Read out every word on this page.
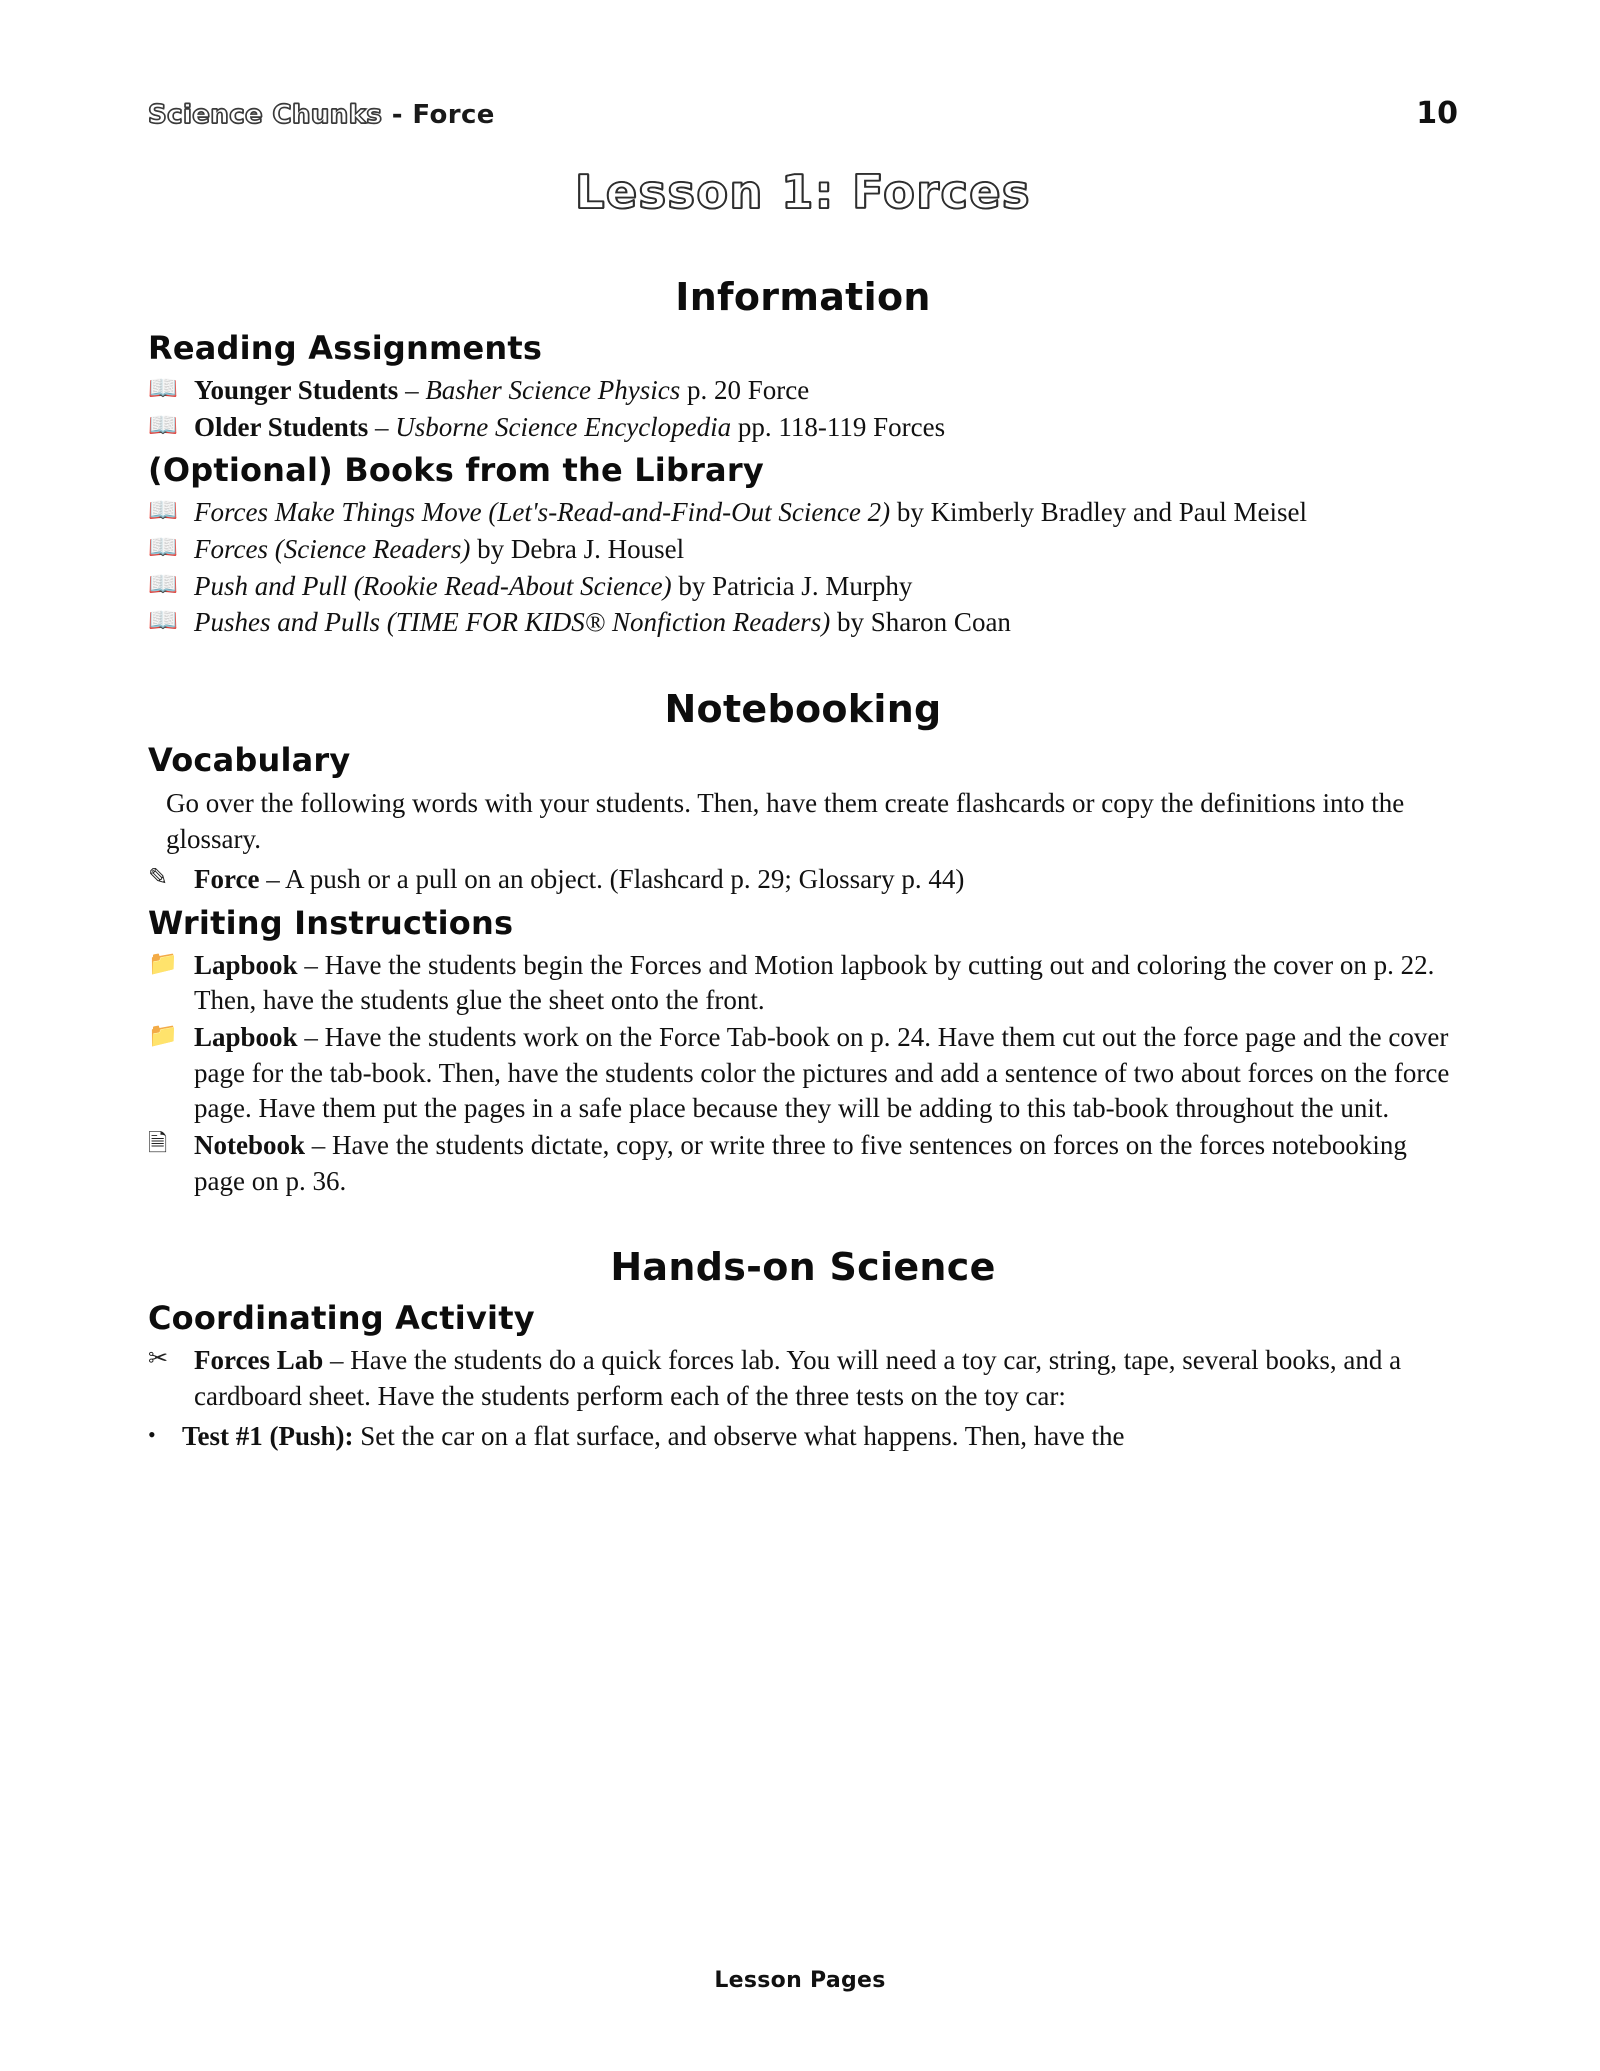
Science Chunks - Force	10
Lesson 1: Forces
Information
Reading Assignments
📖 Younger Students – Basher Science Physics p. 20 Force
📖 Older Students – Usborne Science Encyclopedia pp. 118-119 Forces
(Optional) Books from the Library
📖 Forces Make Things Move (Let's-Read-and-Find-Out Science 2) by Kimberly Bradley and Paul Meisel
📖 Forces (Science Readers) by Debra J. Housel
📖 Push and Pull (Rookie Read-About Science) by Patricia J. Murphy
📖 Pushes and Pulls (TIME FOR KIDS® Nonfiction Readers) by Sharon Coan
Notebooking
Vocabulary
Go over the following words with your students. Then, have them create flashcards or copy the definitions into the glossary.
✎ Force – A push or a pull on an object. (Flashcard p. 29; Glossary p. 44)
Writing Instructions
📁 Lapbook – Have the students begin the Forces and Motion lapbook by cutting out and coloring the cover on p. 22. Then, have the students glue the sheet onto the front.
📁 Lapbook – Have the students work on the Force Tab-book on p. 24. Have them cut out the force page and the cover page for the tab-book. Then, have the students color the pictures and add a sentence of two about forces on the force page. Have them put the pages in a safe place because they will be adding to this tab-book throughout the unit.
🗎 Notebook – Have the students dictate, copy, or write three to five sentences on forces on the forces notebooking page on p. 36.
Hands-on Science
Coordinating Activity
✂ Forces Lab – Have the students do a quick forces lab. You will need a toy car, string, tape, several books, and a cardboard sheet. Have the students perform each of the three tests on the toy car:
• Test #1 (Push): Set the car on a flat surface, and observe what happens. Then, have the
Lesson Pages
